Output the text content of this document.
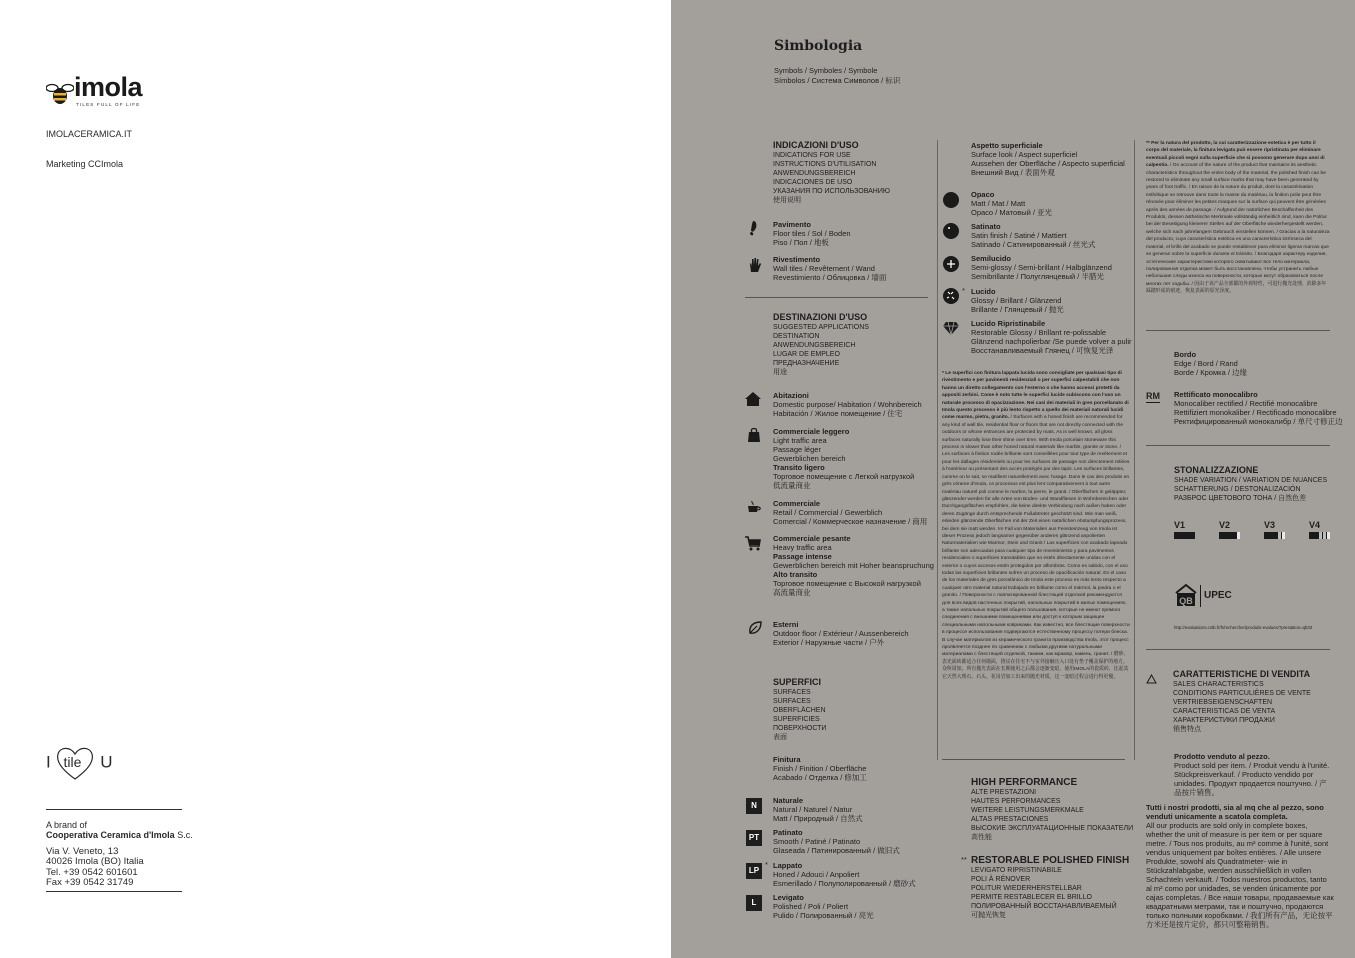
imola
TILES FULL OF LIFE
IMOLACERAMICA.IT
Marketing CCImola
I tile U
A brand of
Cooperativa Ceramica d'Imola S.c.
Via V. Veneto, 13
40026 Imola (BO) Italia
Tel. +39 0542 601601
Fax +39 0542 31749
Simbologia
Symbols / Symboles / Symbole
Símbolos / Система Символов / 标识
INDICAZIONI D'USO
INDICATIONS FOR USE
INSTRUCTIONS D'UTILISATION
ANWENDUNGSBEREICH
INDICACIONES DE USO
УКАЗАНИЯ ПО ИСПОЛЬЗОВАНИЮ
使用说明
Pavimento
Floor tiles / Sol / Boden
Piso / Пол / 地板
Rivestimento
Wall tiles / Revêtement / Wand
Revestimiento / Облицовка / 墙面
DESTINAZIONI D'USO
SUGGESTED APPLICATIONS
DESTINATION
ANWENDUNGSBEREICH
LUGAR DE EMPLEO
ПРЕДНАЗНАЧЕНИЕ
用途
Abitazioni
Domestic purpose/ Habitation / Wohnbereich
Habitación / Жилое помещение / 住宅
Commerciale leggero
Light traffic area
Passage léger
Gewerblichen bereich
Transito ligero
Торговое помещение с Легкой нагрузкой
低流量商业
Commerciale
Retail / Commercial / Gewerblich
Comercial / Коммерческое назначение / 商用
Commerciale pesante
Heavy traffic area
Passage intense
Gewerblichen bereich mit Hoher beanspruchung
Alto transito
Торговое помещение с Высокой нагрузкой
高流量商业
Esterni
Outdoor floor / Extérieur / Aussenbereich
Exterior / Наружные части / 户外
SUPERFICI
SURFACES
SURFACES
OBERFLÄCHEN
SUPERFICIES
ПОВЕРХНОСТИ
表面
Finitura
Finish / Finition / Oberfläche
Acabado / Отделка / 修加工
N
Naturale
Natural / Naturel / Natur
Matt / Природный / 自然式
PT
Patinato
Smooth / Patiné / Patinato
Glaseada / Патинированный / 做旧式
LP
* Lappato
Honed / Adouci / Anpoliert
Esmerillado / Полуполированный / 磨砂式
L
Levigato
Polished / Poli / Poliert
Pulido / Полированный / 亮光
Aspetto superficiale
Surface look / Aspect superficiel
Aussehen der Oberfläche / Aspecto superficial
Внешний Вид / 表面外观
Opaco
Matt / Mat / Matt
Opaco / Матовый / 亚光
Satinato
Satin finish / Satiné / Mattiert
Satinado / Сатинированный / 丝光式
Semilucido
Semi-glossy / Semi-brillant / Halbglänzend
Semibrillante / Полуглянцевый / 半腊光
* Lucido
Glossy / Brillant / Glänzend
Brillante / Глянцевый / 抛光
Lucido Ripristinabile
Restorable Glossy / Brillant re-polissable
Glänzend nachpolierbar /Se puede volver a pulir
Восстанавливаемый Глянец / 可恢复光泽
* Le superfici con finitura lappata lucida sono consigliate per qualsiasi tipo di rivestimento e per pavimenti residenziali o per superfici calpestabili che non hanno un diretto collegamento con l'esterno o che hanno accessi protetti da appositi zerbini. Come è noto tutte le superfici lucide subiscono con l'uso un naturale processo di opacizzazione. Nei casi dei materiali in gres porcellanato di Imola questo processo è più lento rispetto a quello dei materiali naturali lucidi come marmo, pietra, granito. / Surfaces with a honed finish are recommended for any kind of wall tile, residential floor or floors that are not directly connected with the outdoors or whose entrances are protected by mats. As is well known, all gloss surfaces naturally lose their shine over time. With Imola porcelain stoneware this process is slower than other honed natural materials like marble, granite or stone. / Les surfaces à finition rodée brillante sont conseillées pour tout type de revêtement et pour les dallages résidentiels ou pour les surfaces de passage non directement reliées à l'extérieur ou présentant des accès protégés par des tapis. Les surfaces brillantes, comme on le sait, se matifient naturellement avec l'usage. Dans le cas des produits en grès cérame d'Imola, ce processus est plus lent comparativement à tout autre matériau naturel poli comme le marbre, la pierre, le granit. / Oberflächen in geläppter, glänzender werden für alle Arten von Boden- und Wandfliesen in Wohnbereichen oder Durchgangsflächen empfohlen, die keine direkte Verbindung nach außen haben oder deren Zugänge durch entsprechende Fußabtreter geschützt sind. Wie man weiß, erleiden glänzende Oberflächen mit der Zeit einen natürlichen Abstumpfungsprozess, bei dem sie matt werden. Im Fall von Materialien aus Feinsteinzeug von Imola ist dieser Prozess jedoch langsamer gegenüber anderen glänzend anpolierten Naturmaterialien wie Marmor, Stein und Granit / Las superficies con acabado lapeado brillante son adecuadas para cualquier tipo de revestimiento y para pavimentos residenciales o superficies transitables que no estén directamente unidas con el exterior o cuyos accesos estén protegidos por alfombras. Como es sabido, con el uso todas las superficies brillantes sufren un proceso de opacificación natural. En el caso de los materiales de gres porcelánico de Imola este proceso es más lento respecto a cualquier otro material natural trabajado en brillante como el mármol, la piedra o el granito. / Поверхности с лаппатированной блестящей отделкой рекомендуются для всех видов настенных покрытий, напольных покрытий в жилых помещениях, а также напольных покрытий общего пользования, которые не имеют прямого соединения с внешними помещениями или доступ к которым защищен специальными напольными ковриками. Как известно, все блестящие поверхности в процессе использования подвергаются естественному процессу потери блеска. В случае материалов из керамического гранита производства Imola, этот процесс проявляется позднее по сравнению с любыми другими натуральными материалами с блестящей отделкой, такими, как мрамор, камень, гранит. / 磨砂、表光面砖都适合任何墙面，推议在住宅不与室外接触且入口处有垫子覆盖保护的地方。众所周知，所有抛光表面在长期使用之后都会逐渐变暗。使用IMOLA的瓷质砖，比起其它天然大理石、石头、花岗岩加工出来的抛光材质，这一变暗过程会进行得更慢。
HIGH PERFORMANCE
ALTE PRESTAZIONI
HAUTES PERFORMANCES
WEITERE LEISTUNGSMERKMALE
ALTAS PRESTACIONES
ВЫСОКИЕ ЭКСПЛУАТАЦИОННЫЕ ПОКАЗАТЕЛИ
高性能
** RESTORABLE POLISHED FINISH
LEVIGATO RIPRISTINABILE
POLI À RÉNOVER
POLITUR WIEDERHERSTELLBAR
PERMITE RESTABLECER EL BRILLO
ПОЛИРОВАННЫЙ ВОССТАНАВЛИВАЕМЫЙ
可抛光恢复
** Per la natura del prodotto, la cui caratterizzazione estetica è per tutto il corpo del materiale, la finitura levigata può essere ripristinata per eliminare eventuali piccoli segni sulla superficie che si possono generare dopo anni di calpestio. / On account of the nature of the product that maintains its aesthetic characteristics throughout the entire body of the material, the polished finish can be restored to eliminate any small surface marks that may have been generated by years of foot traffic. / En raison de la nature du produit, dont la caractérisation esthétique se retrouve dans toute la masse du matériau, la finition polie peut être rénovée pour éliminer les petites marques sur la surface qui peuvent être générées après des années de passage. / Aufgrund der natürlichen Beschaffenheit des Produkts, dessen ästhetische Merkmale vollständig einheitlich sind, kann die Politur bei der Beseitigung kleinerer Stellen auf der Oberfläche wiederhergestellt werden, welche sich nach jahrelangem Gebrauch einstellen können. / Gracias a la naturaleza del producto, cuya característica estética es una característica intrínseca del material, el brillo del acabado se puede restablecer para eliminar ligeras marcas que se generan sobre la superficie durante el tránsito. / Благодаря характеру изделия, эстетические характеристики которого охватывают все тело материала, полированная отделка может быть восстановлена, чтобы устранить любые небольшие следы износа на поверхности, которые могут образоваться после многих лет ходьбы. / 因由于该产品全部都的外观特性，可进行抛光处理，消除多年踩踏形成的痕迹，恢复表面的原光泽度。
Bordo
Edge / Bord / Rand
Borde / Кромка / 边缘
RM Rettificato monocalibro
Monocaliber rectified / Rectifié monocalibre
Rettifiziert monokaliber / Rectificado monocalibre
Ректифицированный монокалибр / 单尺寸修正边
STONALIZZAZIONE
SHADE VARIATION / VARIATION DE NUANCES
SCHATTIERUNG / DESTONALIZACIÓN
РАЗБРОС ЦВЕТОВОГО ТОНА / 自然色差
V1	V2	V3	V4
QB	UPEC
http://evaluations.cstb.fr/fr/rechercher/produits-evalues/?prestation=qb33
CARATTERISTICHE DI VENDITA
SALES CHARACTERISTICS
CONDITIONS PARTICULIÈRES DE VENTE
VERTRIEBSEIGENSCHAFTEN
CARACTERISTICAS DE VENTA
ХАРАКТЕРИСТИКИ ПРОДАЖИ
销售特点
Prodotto venduto al pezzo.
Product sold per item. / Produit vendu à l'unité. Stückpreisverkauf. / Producto vendido por unidades. Продукт продается поштучно. / 产品按片销售。
Tutti i nostri prodotti, sia al mq che al pezzo, sono venduti unicamente a scatola completa.
All our products are sold only in complete boxes, whether the unit of measure is per item or per square metre. / Tous nos produits, au m² comme à l'unité, sont vendus uniquement par boîtes entières. / Alle unsere Produkte, sowohl als Quadratmeter- wie in Stückzahlabgabe, werden ausschließlich in vollen Schachteln verkauft. / Todos nuestros productos, tanto al m² como por unidades, se venden únicamente por cajas completas. / Все наши товары, продаваемые как квадратными метрами, так и поштучно, продаются только полными коробками. / 我们所有产品，无论按平方米还是按片定价，都只可整箱销售。
